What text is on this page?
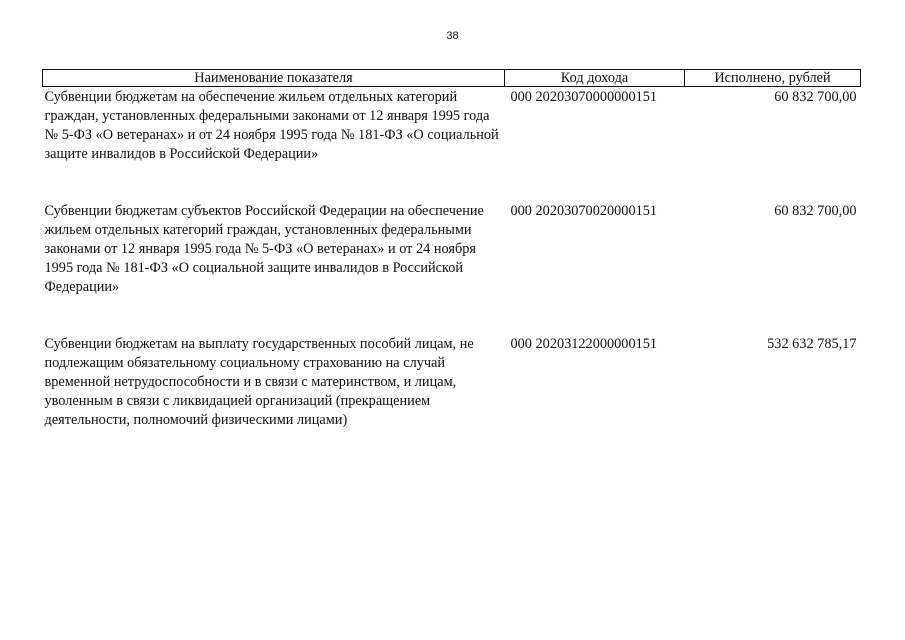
38
Наименование показателя	Код дохода	Исполнено, рублей
Субвенции бюджетам на обеспечение жильем отдельных категорий граждан, установленных федеральными законами от 12 января 1995 года № 5-ФЗ «О ветеранах» и от 24 ноября 1995 года № 181-ФЗ «О социальной защите инвалидов в Российской Федерации»	000 20203070000000151	60 832 700,00
Субвенции бюджетам субъектов Российской Федерации на обеспечение жильем отдельных категорий граждан, установленных федеральными законами от 12 января 1995 года № 5-ФЗ «О ветеранах» и от 24 ноября 1995 года № 181-ФЗ «О социальной защите инвалидов в Российской Федерации»	000 20203070020000151	60 832 700,00
Субвенции бюджетам на выплату государственных пособий лицам, не подлежащим обязательному социальному страхованию на случай временной нетрудоспособности и в связи с материнством, и лицам, уволенным в связи с ликвидацией организаций (прекращением деятельности, полномочий физическими лицами)	000 20203122000000151	532 632 785,17
